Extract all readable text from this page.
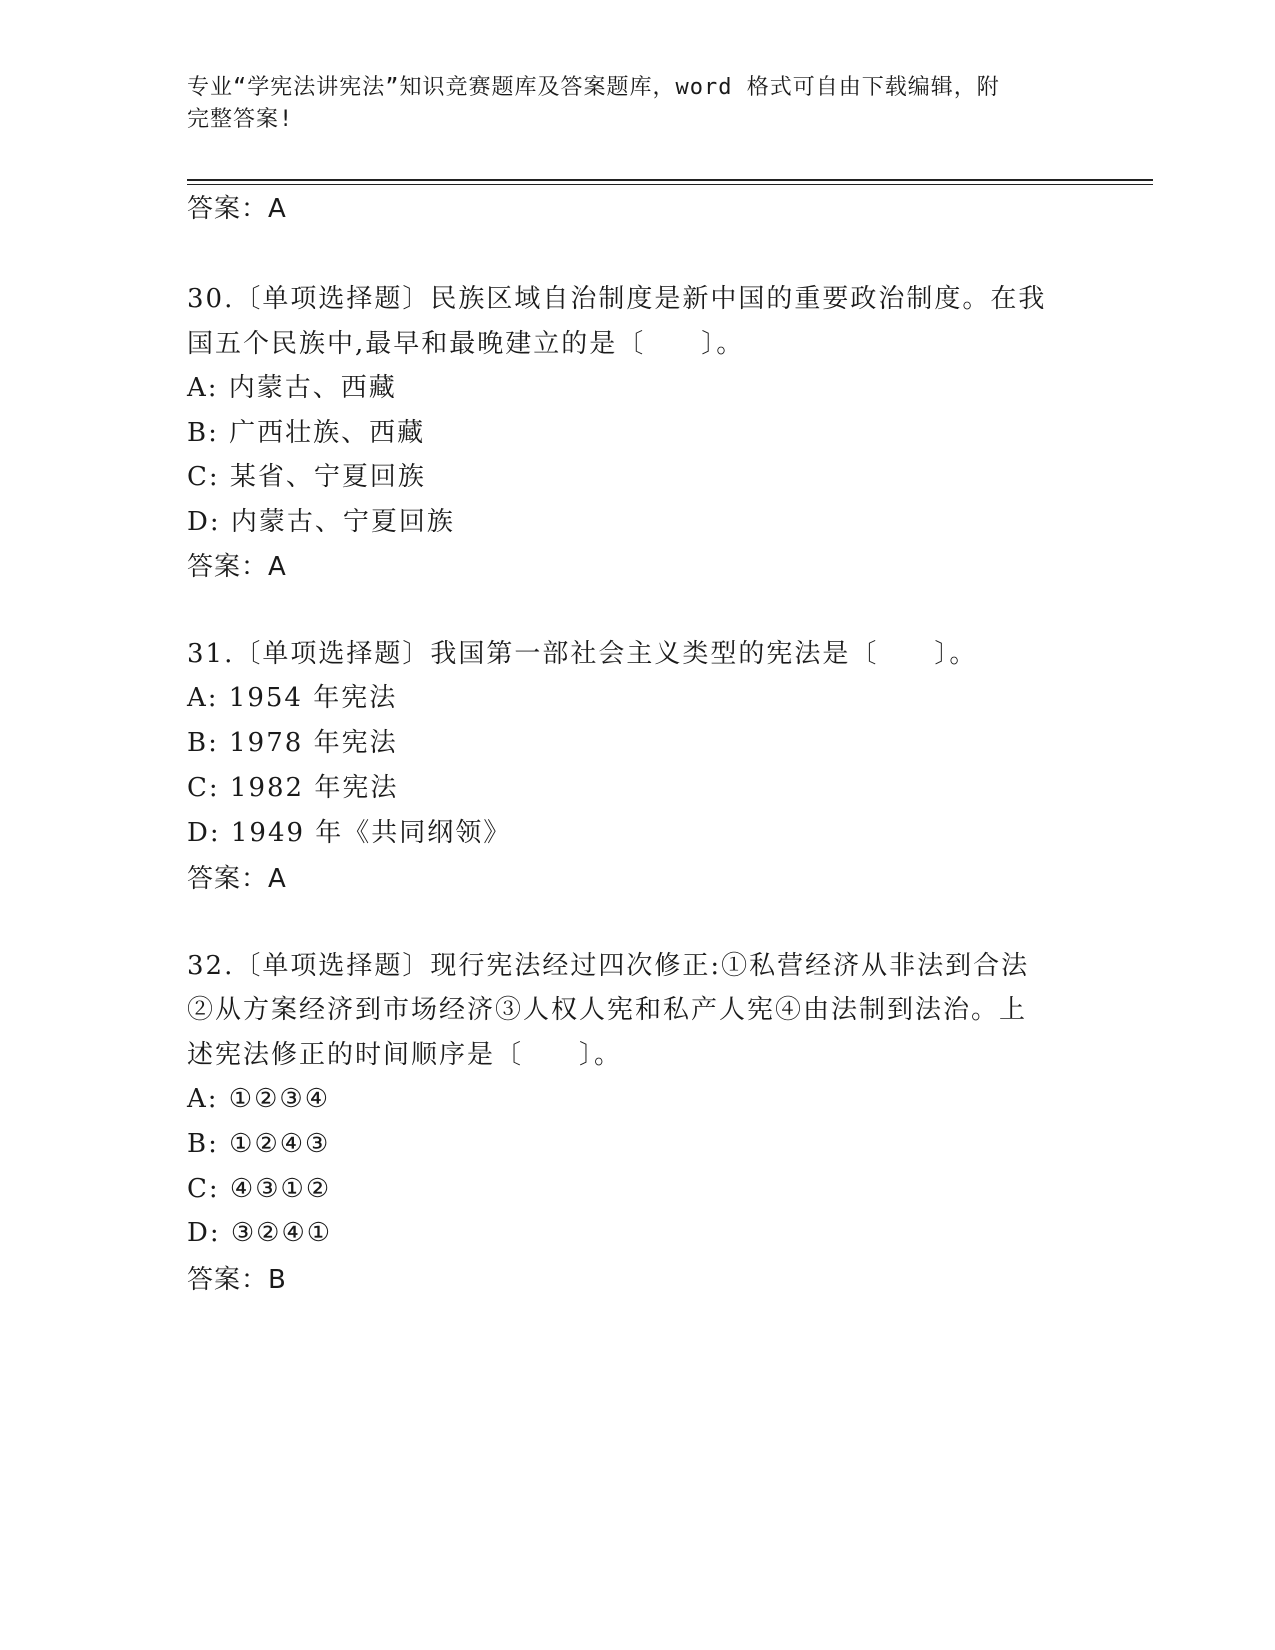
专业“学宪法讲宪法”知识竞赛题库及答案题库，word 格式可自由下载编辑，附
完整答案!
答案：A
30.〔单项选择题〕民族区域自治制度是新中国的重要政治制度。在我
国五个民族中,最早和最晚建立的是〔　　〕。
A: 内蒙古、西藏
B: 广西壮族、西藏
C: 某省、宁夏回族
D: 内蒙古、宁夏回族
答案：A
31.〔单项选择题〕我国第一部社会主义类型的宪法是〔　　〕。
A: 1954 年宪法
B: 1978 年宪法
C: 1982 年宪法
D: 1949 年《共同纲领》
答案：A
32.〔单项选择题〕现行宪法经过四次修正:①私营经济从非法到合法
②从方案经济到市场经济③人权人宪和私产人宪④由法制到法治。上
述宪法修正的时间顺序是〔　　〕。
A: ①②③④
B: ①②④③
C: ④③①②
D: ③②④①
答案：B
